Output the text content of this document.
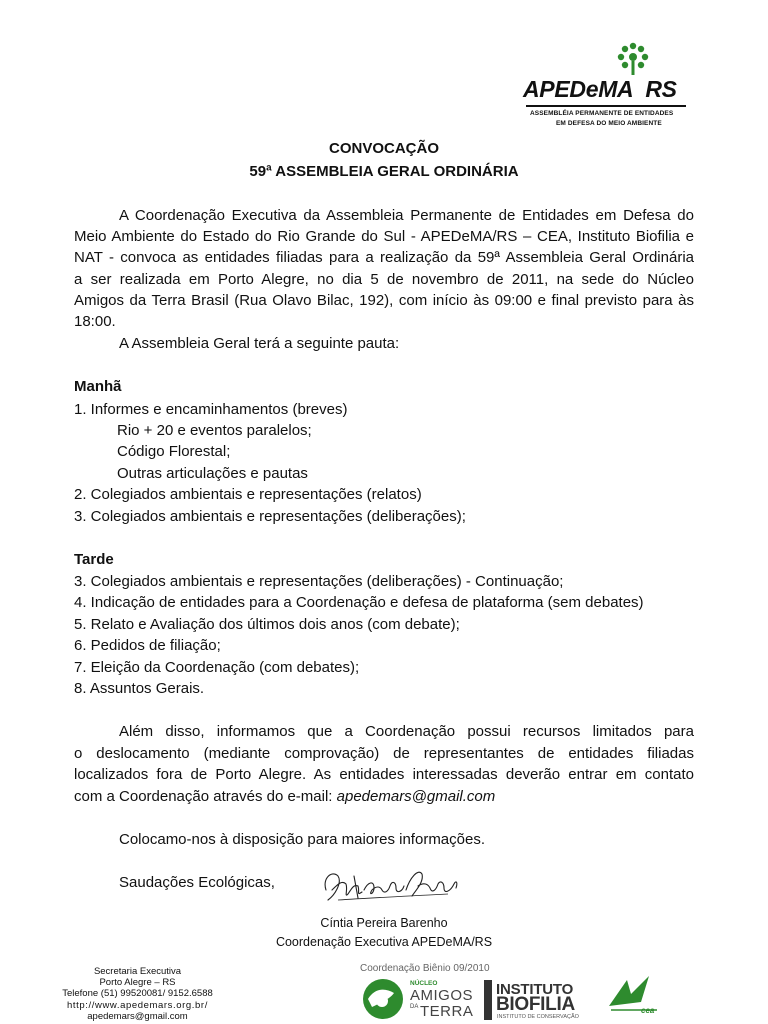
APEDeMA RS
ASSEMBLÉIA PERMANENTE DE ENTIDADES
EM DEFESA DO MEIO AMBIENTE
CONVOCAÇÃO
59ª ASSEMBLEIA GERAL ORDINÁRIA
A Coordenação Executiva da Assembleia Permanente de Entidades em Defesa do
Meio Ambiente do Estado do Rio Grande do Sul - APEDeMA/RS – CEA, Instituto Biofilia e
NAT - convoca as entidades filiadas para a realização da 59ª Assembleia Geral Ordinária
a ser realizada em Porto Alegre, no dia 5 de novembro de 2011, na sede do Núcleo
Amigos da Terra Brasil (Rua Olavo Bilac, 192), com início às 09:00 e final previsto para às
18:00.
A Assembleia Geral terá a seguinte pauta:
Manhã
1. Informes e encaminhamentos (breves)
Rio + 20 e eventos paralelos;
Código Florestal;
Outras articulações e pautas
2. Colegiados ambientais e representações (relatos)
3. Colegiados ambientais e representações (deliberações);
Tarde
3. Colegiados ambientais e representações (deliberações) - Continuação;
4. Indicação de entidades para a Coordenação e defesa de plataforma (sem debates)
5. Relato e Avaliação dos últimos dois anos (com debate);
6. Pedidos de filiação;
7. Eleição da Coordenação (com debates);
8. Assuntos Gerais.
Além disso, informamos que a Coordenação possui recursos limitados para
o deslocamento (mediante comprovação) de representantes de entidades filiadas
localizados fora de Porto Alegre. As entidades interessadas deverão entrar em contato
com a Coordenação através do e-mail: apedemars@gmail.com
Colocamo-nos à disposição para maiores informações.
Saudações Ecológicas,
Cíntia Pereira Barenho
Coordenação Executiva APEDeMA/RS
Secretaria Executiva
Porto Alegre – RS
Telefone (51) 99520081/ 9152.6588
http://www.apedemars.org.br/
apedemars@gmail.com
Coordenação Biênio 09/2010
NÚCLEO
AMIGOS
DA TERRA
INSTITUTO
BIOFILIA
INSTITUTO DE CONSERVAÇÃO
cea
